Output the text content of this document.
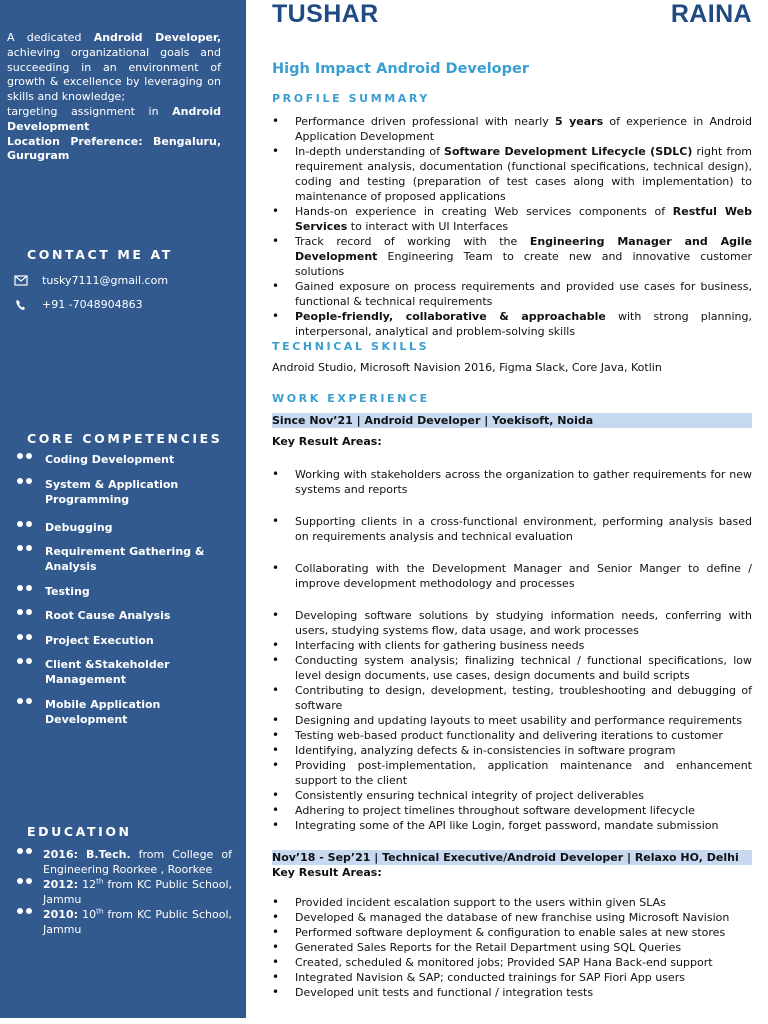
A dedicated Android Developer, achieving organizational goals and succeeding in an environment of growth & excellence by leveraging on skills and knowledge;
targeting assignment in Android
Development
Location Preference: Bengaluru,
Gurugram
CONTACT ME AT
tusky7111@gmail.com
+91 -7048904863
CORE COMPETENCIES
Coding Development
System & Application Programming
Debugging
Requirement Gathering & Analysis
Testing
Root Cause Analysis
Project Execution
Client &Stakeholder Management
Mobile Application Development
EDUCATION
2016: B.Tech. from College of
Engineering Roorkee , Roorkee
2012: 12th from KC Public School,
Jammu
2010: 10th from KC Public School,
Jammu
TUSHAR	RAINA
High Impact Android Developer
PROFILE SUMMARY
• Performance driven professional with nearly 5 years of experience in Android Application Development
• In-depth understanding of Software Development Lifecycle (SDLC) right from requirement analysis, documentation (functional specifications, technical design), coding and testing (preparation of test cases along with implementation) to maintenance of proposed applications
• Hands-on experience in creating Web services components of Restful Web Services to interact with UI Interfaces
• Track record of working with the Engineering Manager and Agile Development Engineering Team to create new and innovative customer solutions
• Gained exposure on process requirements and provided use cases for business, functional & technical requirements
• People-friendly, collaborative & approachable with strong planning, interpersonal, analytical and problem-solving skills
TECHNICAL SKILLS
Android Studio, Microsoft Navision 2016, Figma Slack, Core Java, Kotlin
WORK EXPERIENCE
Since Nov’21 | Android Developer | Yoekisoft, Noida
Key Result Areas:
• Working with stakeholders across the organization to gather requirements for new systems and reports
• Supporting clients in a cross-functional environment, performing analysis based on requirements analysis and technical evaluation
• Collaborating with the Development Manager and Senior Manger to define / improve development methodology and processes
• Developing software solutions by studying information needs, conferring with users, studying systems flow, data usage, and work processes
• Interfacing with clients for gathering business needs
• Conducting system analysis; finalizing technical / functional specifications, low level design documents, use cases, design documents and build scripts
• Contributing to design, development, testing, troubleshooting and debugging of software
• Designing and updating layouts to meet usability and performance requirements
• Testing web-based product functionality and delivering iterations to customer
• Identifying, analyzing defects & in-consistencies in software program
• Providing post-implementation, application maintenance and enhancement support to the client
• Consistently ensuring technical integrity of project deliverables
• Adhering to project timelines throughout software development lifecycle
• Integrating some of the API like Login, forget password, mandate submission
Nov’18 - Sep’21 | Technical Executive/Android Developer | Relaxo HO, Delhi
Key Result Areas:
• Provided incident escalation support to the users within given SLAs
• Developed & managed the database of new franchise using Microsoft Navision
• Performed software deployment & configuration to enable sales at new stores
• Generated Sales Reports for the Retail Department using SQL Queries
• Created, scheduled & monitored jobs; Provided SAP Hana Back-end support
• Integrated Navision & SAP; conducted trainings for SAP Fiori App users
• Developed unit tests and functional / integration tests
